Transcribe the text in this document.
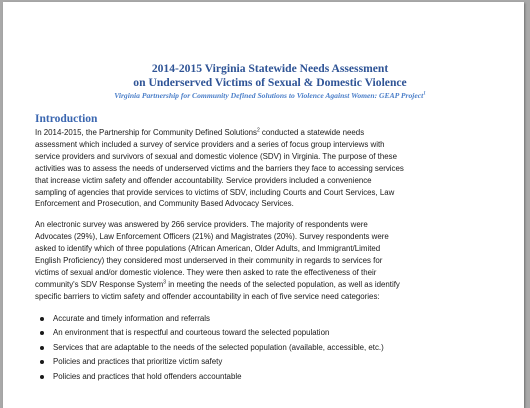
2014-2015 Virginia Statewide Needs Assessment
on Underserved Victims of Sexual & Domestic Violence

Virginia Partnership for Community Defined Solutions to Violence Against Women: GEAP Project$^1$

Introduction

In 2014-2015, the Partnership for Community Defined Solutions$^2$ conducted a statewide needs
assessment which included a survey of service providers and a series of focus group interviews with
service providers and survivors of sexual and domestic violence (SDV) in Virginia. The purpose of these
activities was to assess the needs of underserved victims and the barriers they face to accessing services
that increase victim safety and offender accountability. Service providers included a convenience
sampling of agencies that provide services to victims of SDV, including Courts and Court Services, Law
Enforcement and Prosecution, and Community Based Advocacy Services.

An electronic survey was answered by 266 service providers. The majority of respondents were
Advocates (29%), Law Enforcement Officers (21%) and Magistrates (20%). Survey respondents were
asked to identify which of three populations (African American, Older Adults, and Immigrant/Limited
English Proficiency) they considered most underserved in their community in regards to services for
victims of sexual and/or domestic violence. They were then asked to rate the effectiveness of their
community's SDV Response System$^3$ in meeting the needs of the selected population, as well as identify
specific barriers to victim safety and offender accountability in each of five service need categories:

Accurate and timely information and referrals
An environment that is respectful and courteous toward the selected population
Services that are adaptable to the needs of the selected population (available, accessible, etc.)
Policies and practices that prioritize victim safety
Policies and practices that hold offenders accountable
